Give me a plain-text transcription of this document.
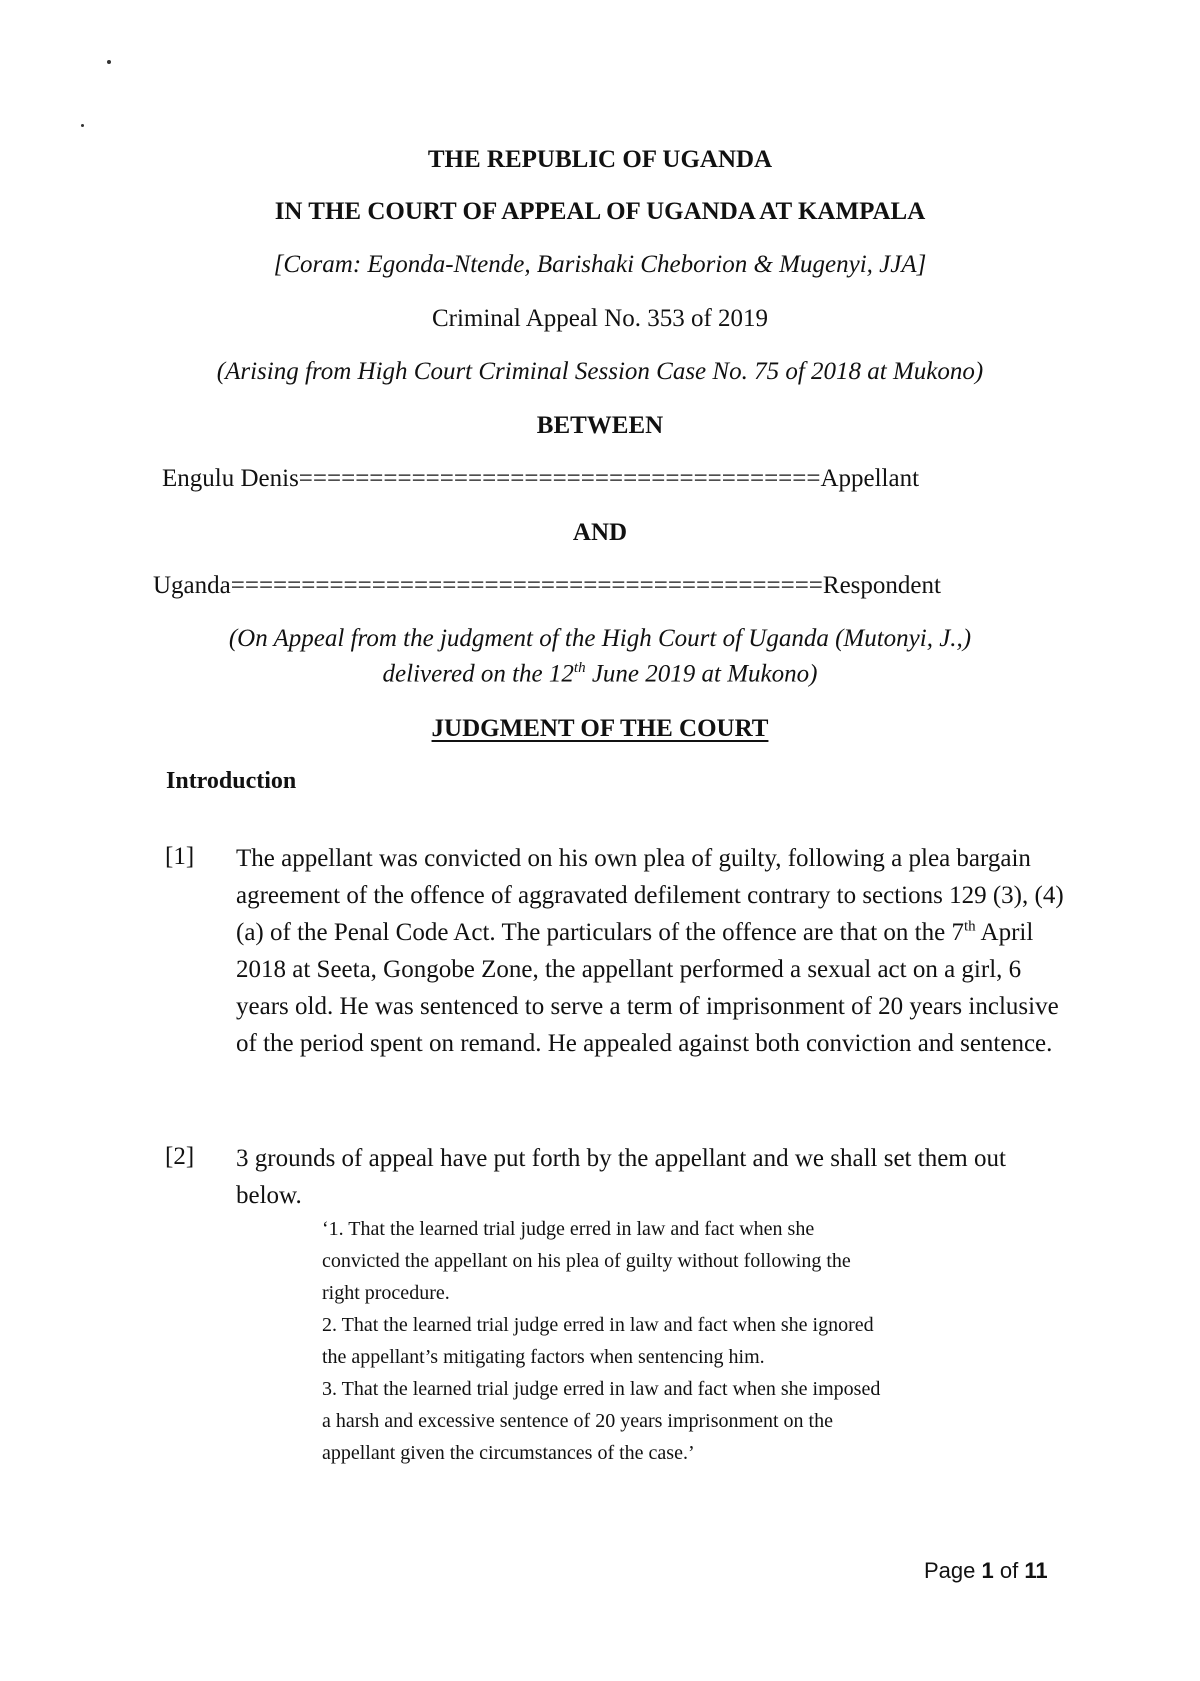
THE REPUBLIC OF UGANDA
IN THE COURT OF APPEAL OF UGANDA AT KAMPALA
[Coram: Egonda-Ntende, Barishaki Cheborion & Mugenyi, JJA]
Criminal Appeal No. 353 of 2019
(Arising from High Court Criminal Session Case No. 75 of 2018 at Mukono)
BETWEEN
Engulu Denis=====================================Appellant
AND
Uganda==========================================Respondent
(On Appeal from the judgment of the High Court of Uganda (Mutonyi, J.,)
delivered on the 12th June 2019 at Mukono)
JUDGMENT OF THE COURT
Introduction
[1] The appellant was convicted on his own plea of guilty, following a plea bargain agreement of the offence of aggravated defilement contrary to sections 129 (3), (4) (a) of the Penal Code Act. The particulars of the offence are that on the 7th April 2018 at Seeta, Gongobe Zone, the appellant performed a sexual act on a girl, 6 years old. He was sentenced to serve a term of imprisonment of 20 years inclusive of the period spent on remand. He appealed against both conviction and sentence.
[2] 3 grounds of appeal have put forth by the appellant and we shall set them out below.

‘1. That the learned trial judge erred in law and fact when she convicted the appellant on his plea of guilty without following the right procedure.

2. That the learned trial judge erred in law and fact when she ignored the appellant’s mitigating factors when sentencing him.

3. That the learned trial judge erred in law and fact when she imposed a harsh and excessive sentence of 20 years imprisonment on the appellant given the circumstances of the case.’

Page 1 of 11
